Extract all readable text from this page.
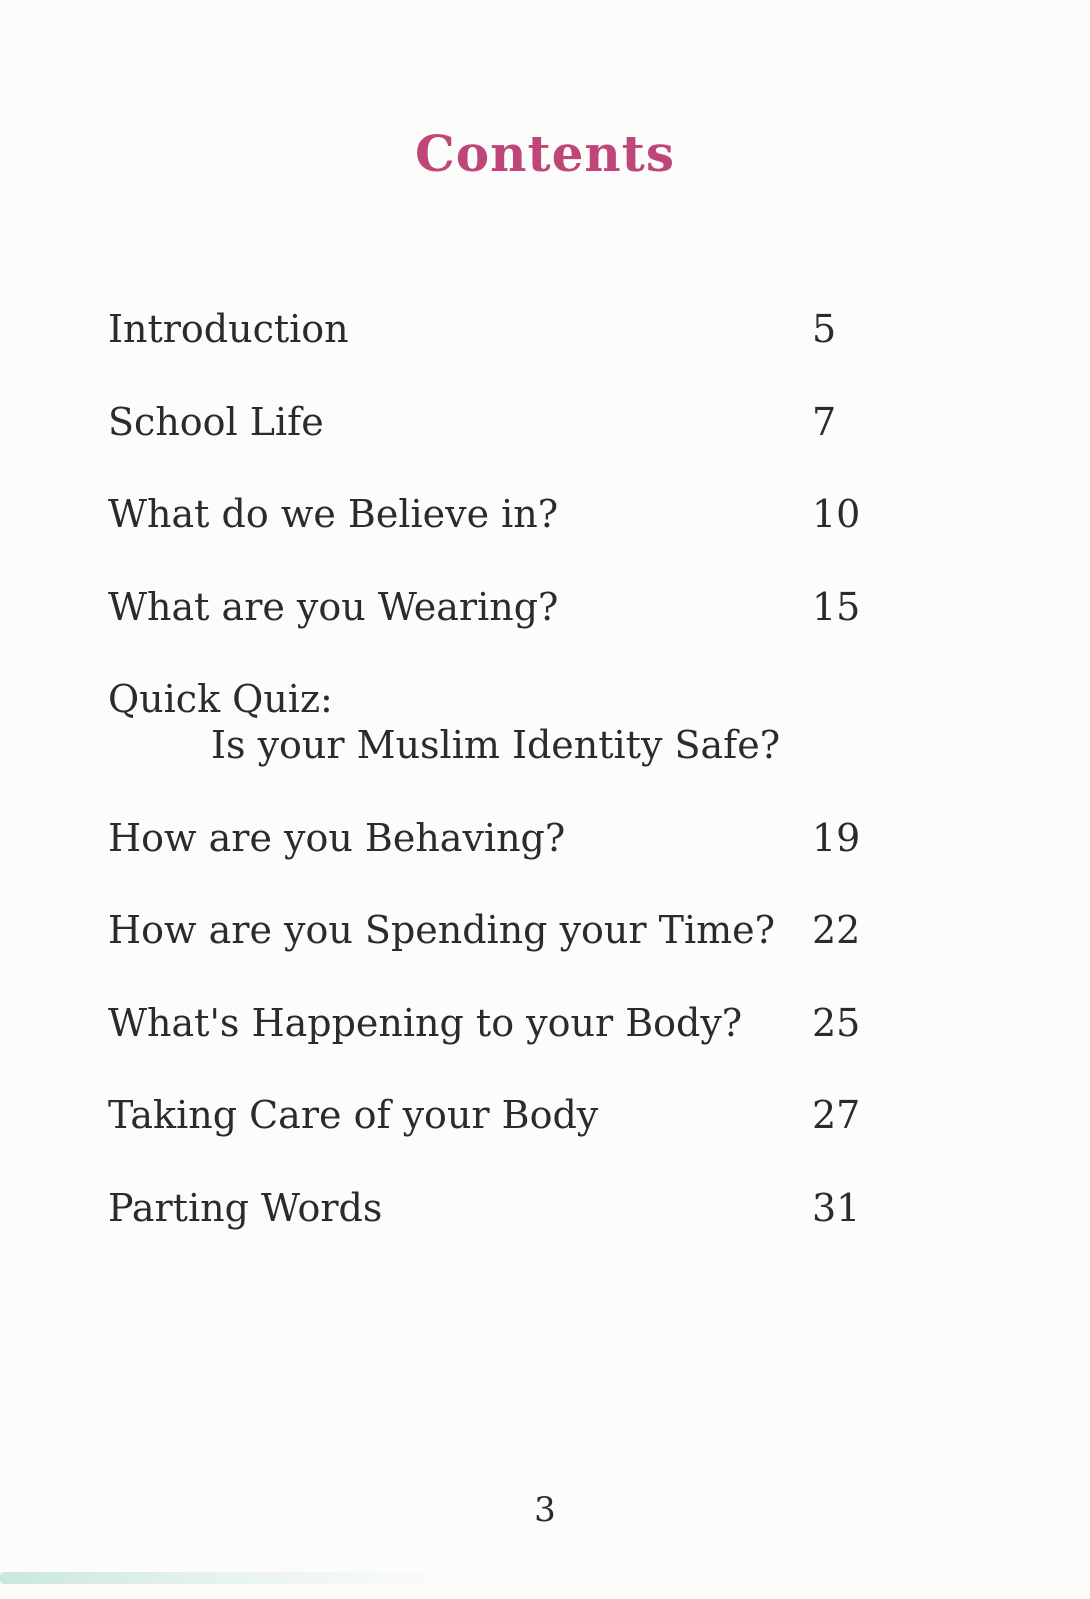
Contents
Introduction	5
School Life	7
What do we Believe in?	10
What are you Wearing?	15
Quick Quiz:
Is your Muslim Identity Safe?
How are you Behaving?	19
How are you Spending your Time? 22
What's Happening to your Body? 25
Taking Care of your Body	27
Parting Words	31
3
